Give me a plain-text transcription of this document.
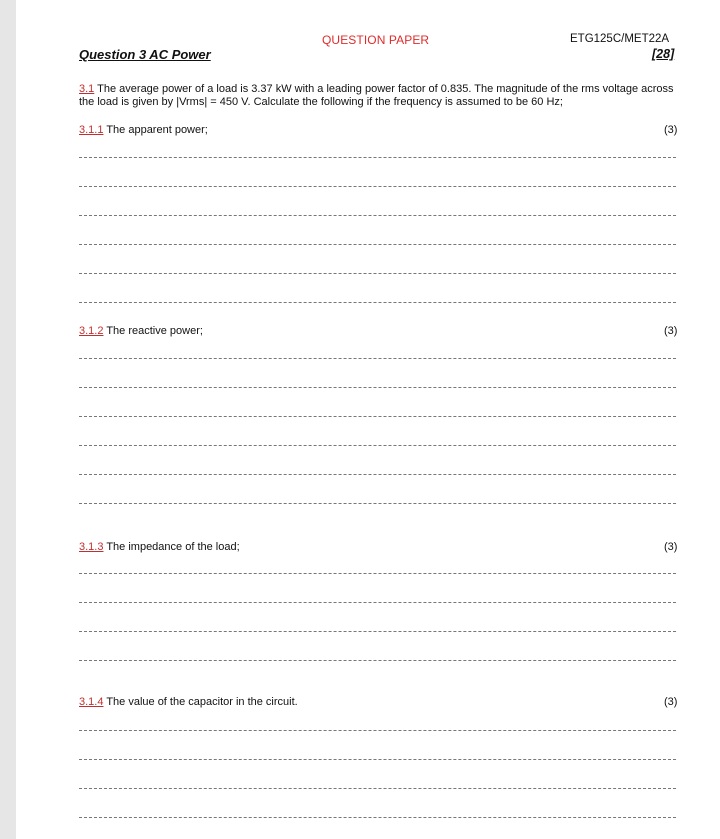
QUESTION PAPER	ETG125C/MET22A
Question 3 AC Power	[28]
3.1 The average power of a load is 3.37 kW with a leading power factor of 0.835. The magnitude of the rms voltage across the load is given by |Vrms| = 450 V. Calculate the following if the frequency is assumed to be 60 Hz;
3.1.1 The apparent power;	(3)
3.1.2 The reactive power;	(3)
3.1.3 The impedance of the load;	(3)
3.1.4 The value of the capacitor in the circuit.	(3)
